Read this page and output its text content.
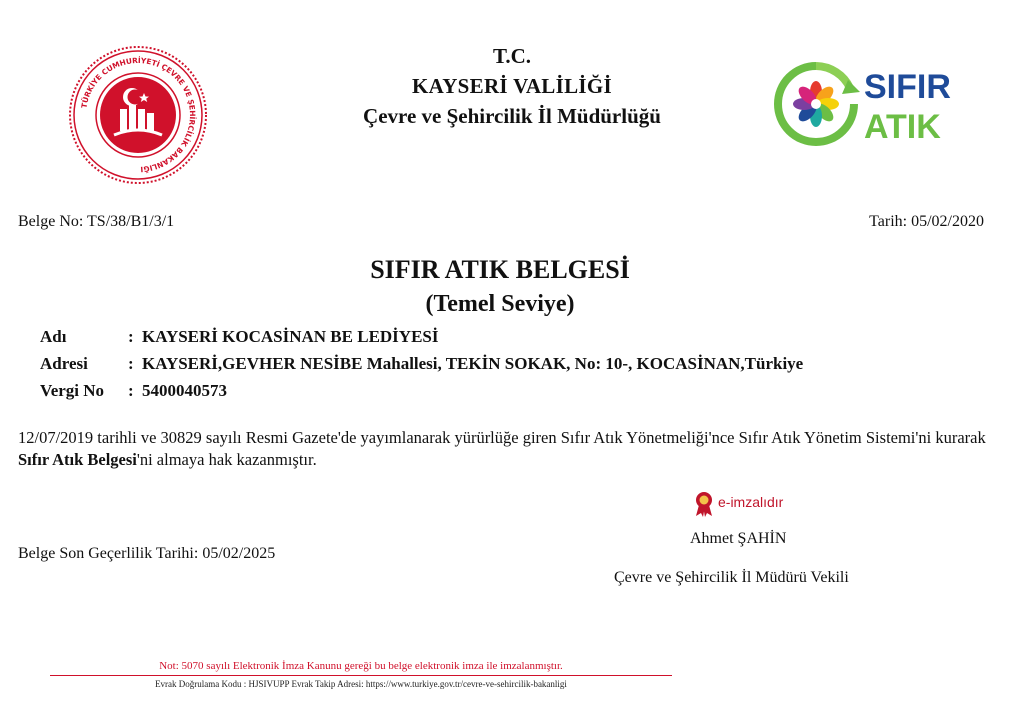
TÜRKİYE CUMHURİYETİ ÇEVRE VE ŞEHİRCİLİK BAKANLIĞI
T.C.
KAYSERİ VALİLİĞİ
Çevre ve Şehircilik İl Müdürlüğü
SIFIR
ATIK
Belge No: TS/38/B1/3/1	Tarih: 05/02/2020
SIFIR ATIK BELGESİ
(Temel Seviye)
Adı	: KAYSERİ KOCASİNAN BE LEDİYESİ
Adresi : KAYSERİ,GEVHER NESİBE Mahallesi, TEKİN SOKAK, No: 10-, KOCASİNAN,Türkiye
Vergi No : 5400040573
12/07/2019 tarihli ve 30829 sayılı Resmi Gazete'de yayımlanarak yürürlüğe giren Sıfır Atık Yönetmeliği'nce Sıfır Atık Yönetim Sistemi'ni kurarak Sıfır Atık Belgesi'ni almaya hak kazanmıştır.
e-imzalıdır
Ahmet ŞAHİN
Belge Son Geçerlilik Tarihi: 05/02/2025
Çevre ve Şehircilik İl Müdürü Vekili
Not: 5070 sayılı Elektronik İmza Kanunu gereği bu belge elektronik imza ile imzalanmıştır.
Evrak Doğrulama Kodu : HJSIVUPP Evrak Takip Adresi: https://www.turkiye.gov.tr/cevre-ve-sehircilik-bakanligi
